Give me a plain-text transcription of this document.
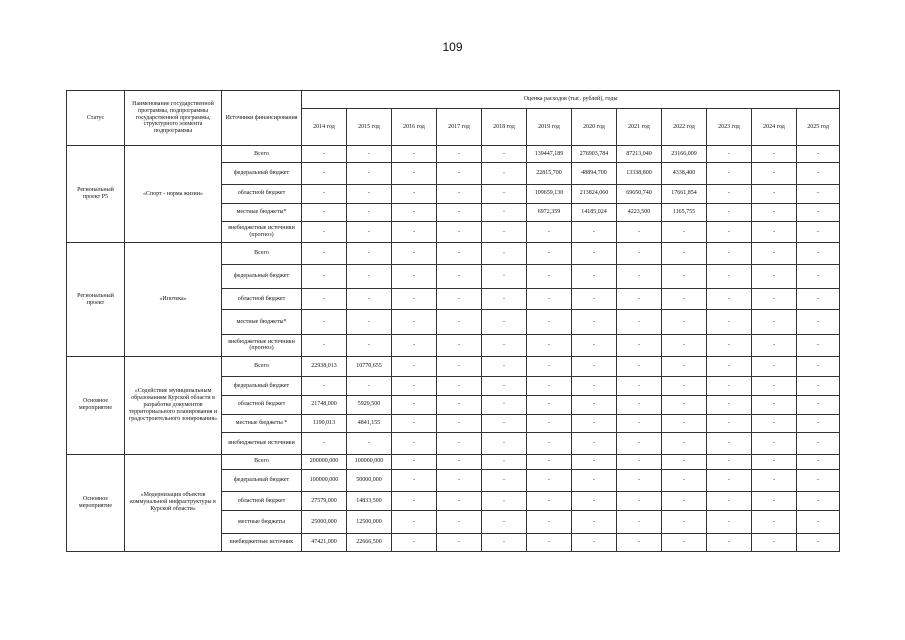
109
Статус	Наименование государственной программы, подпрограммы государственной программы, структурного элемента подпрограммы	Источники финансирования	Оценка расходов (тыс. рублей), годы											
			2014 год	2015 год	2016 год	2017 год	2018 год	2019 год	2020 год	2021 год	2022 год	2023 год	2024 год	2025 год
Региональный проект Р5	«Спорт - норма жизни»	Всего	-	-	-	-	-	139447,189	276903,784	87213,040	23166,009	-	-	-
		федеральный бюджет	-	-	-	-	-	22815,700	48894,700	13338,800	4338,400	-	-	-
		областной бюджет	-	-	-	-	-	109659,130	213824,060	69650,740	17661,854	-	-	-
		местные бюджеты*	-	-	-	-	-	6972,359	14185,024	4223,500	1165,755	-	-	-
		внебюджетные источники (прогноз)	-	-	-	-	-	-	-	-	-	-	-	-
Региональный проект	«Ипотека»	Всего	-	-	-	-	-	-	-	-	-	-	-	-
		федеральный бюджет	-	-	-	-	-	-	-	-	-	-	-	-
		областной бюджет	-	-	-	-	-	-	-	-	-	-	-	-
		местные бюджеты*	-	-	-	-	-	-	-	-	-	-	-	-
		внебюджетные источники (прогноз)	-	-	-	-	-	-	-	-	-	-	-	-
Основное мероприятие	«Содействие муниципальным образованиям Курской области в разработке документов территориального планирования и градостроительного зонирования»	Всего	22938,013	10770,655	-	-	-	-	-	-	-	-	-	-
		федеральный бюджет	-	-	-	-	-	-	-	-	-	-	-	-
		областной бюджет	21748,000	5929,500	-	-	-	-	-	-	-	-	-	-
		местные бюджеты *	1190,013	4841,155	-	-	-	-	-	-	-	-	-	-
		внебюджетные источники	-	-	-	-	-	-	-	-	-	-	-	-
Основное мероприятие	«Модернизация объектов коммунальной инфраструктуры в Курской области»	Всего	200000,000	100000,000	-	-	-	-	-	-	-	-	-	-
		федеральный бюджет	100000,000	50000,000	-	-	-	-	-	-	-	-	-	-
		областной бюджет	27579,000	14833,500	-	-	-	-	-	-	-	-	-	-
		местные бюджеты	25000,000	12500,000	-	-	-	-	-	-	-	-	-	-
		внебюджетные источник	47421,000	22666,500	-	-	-	-	-	-	-	-	-	-
